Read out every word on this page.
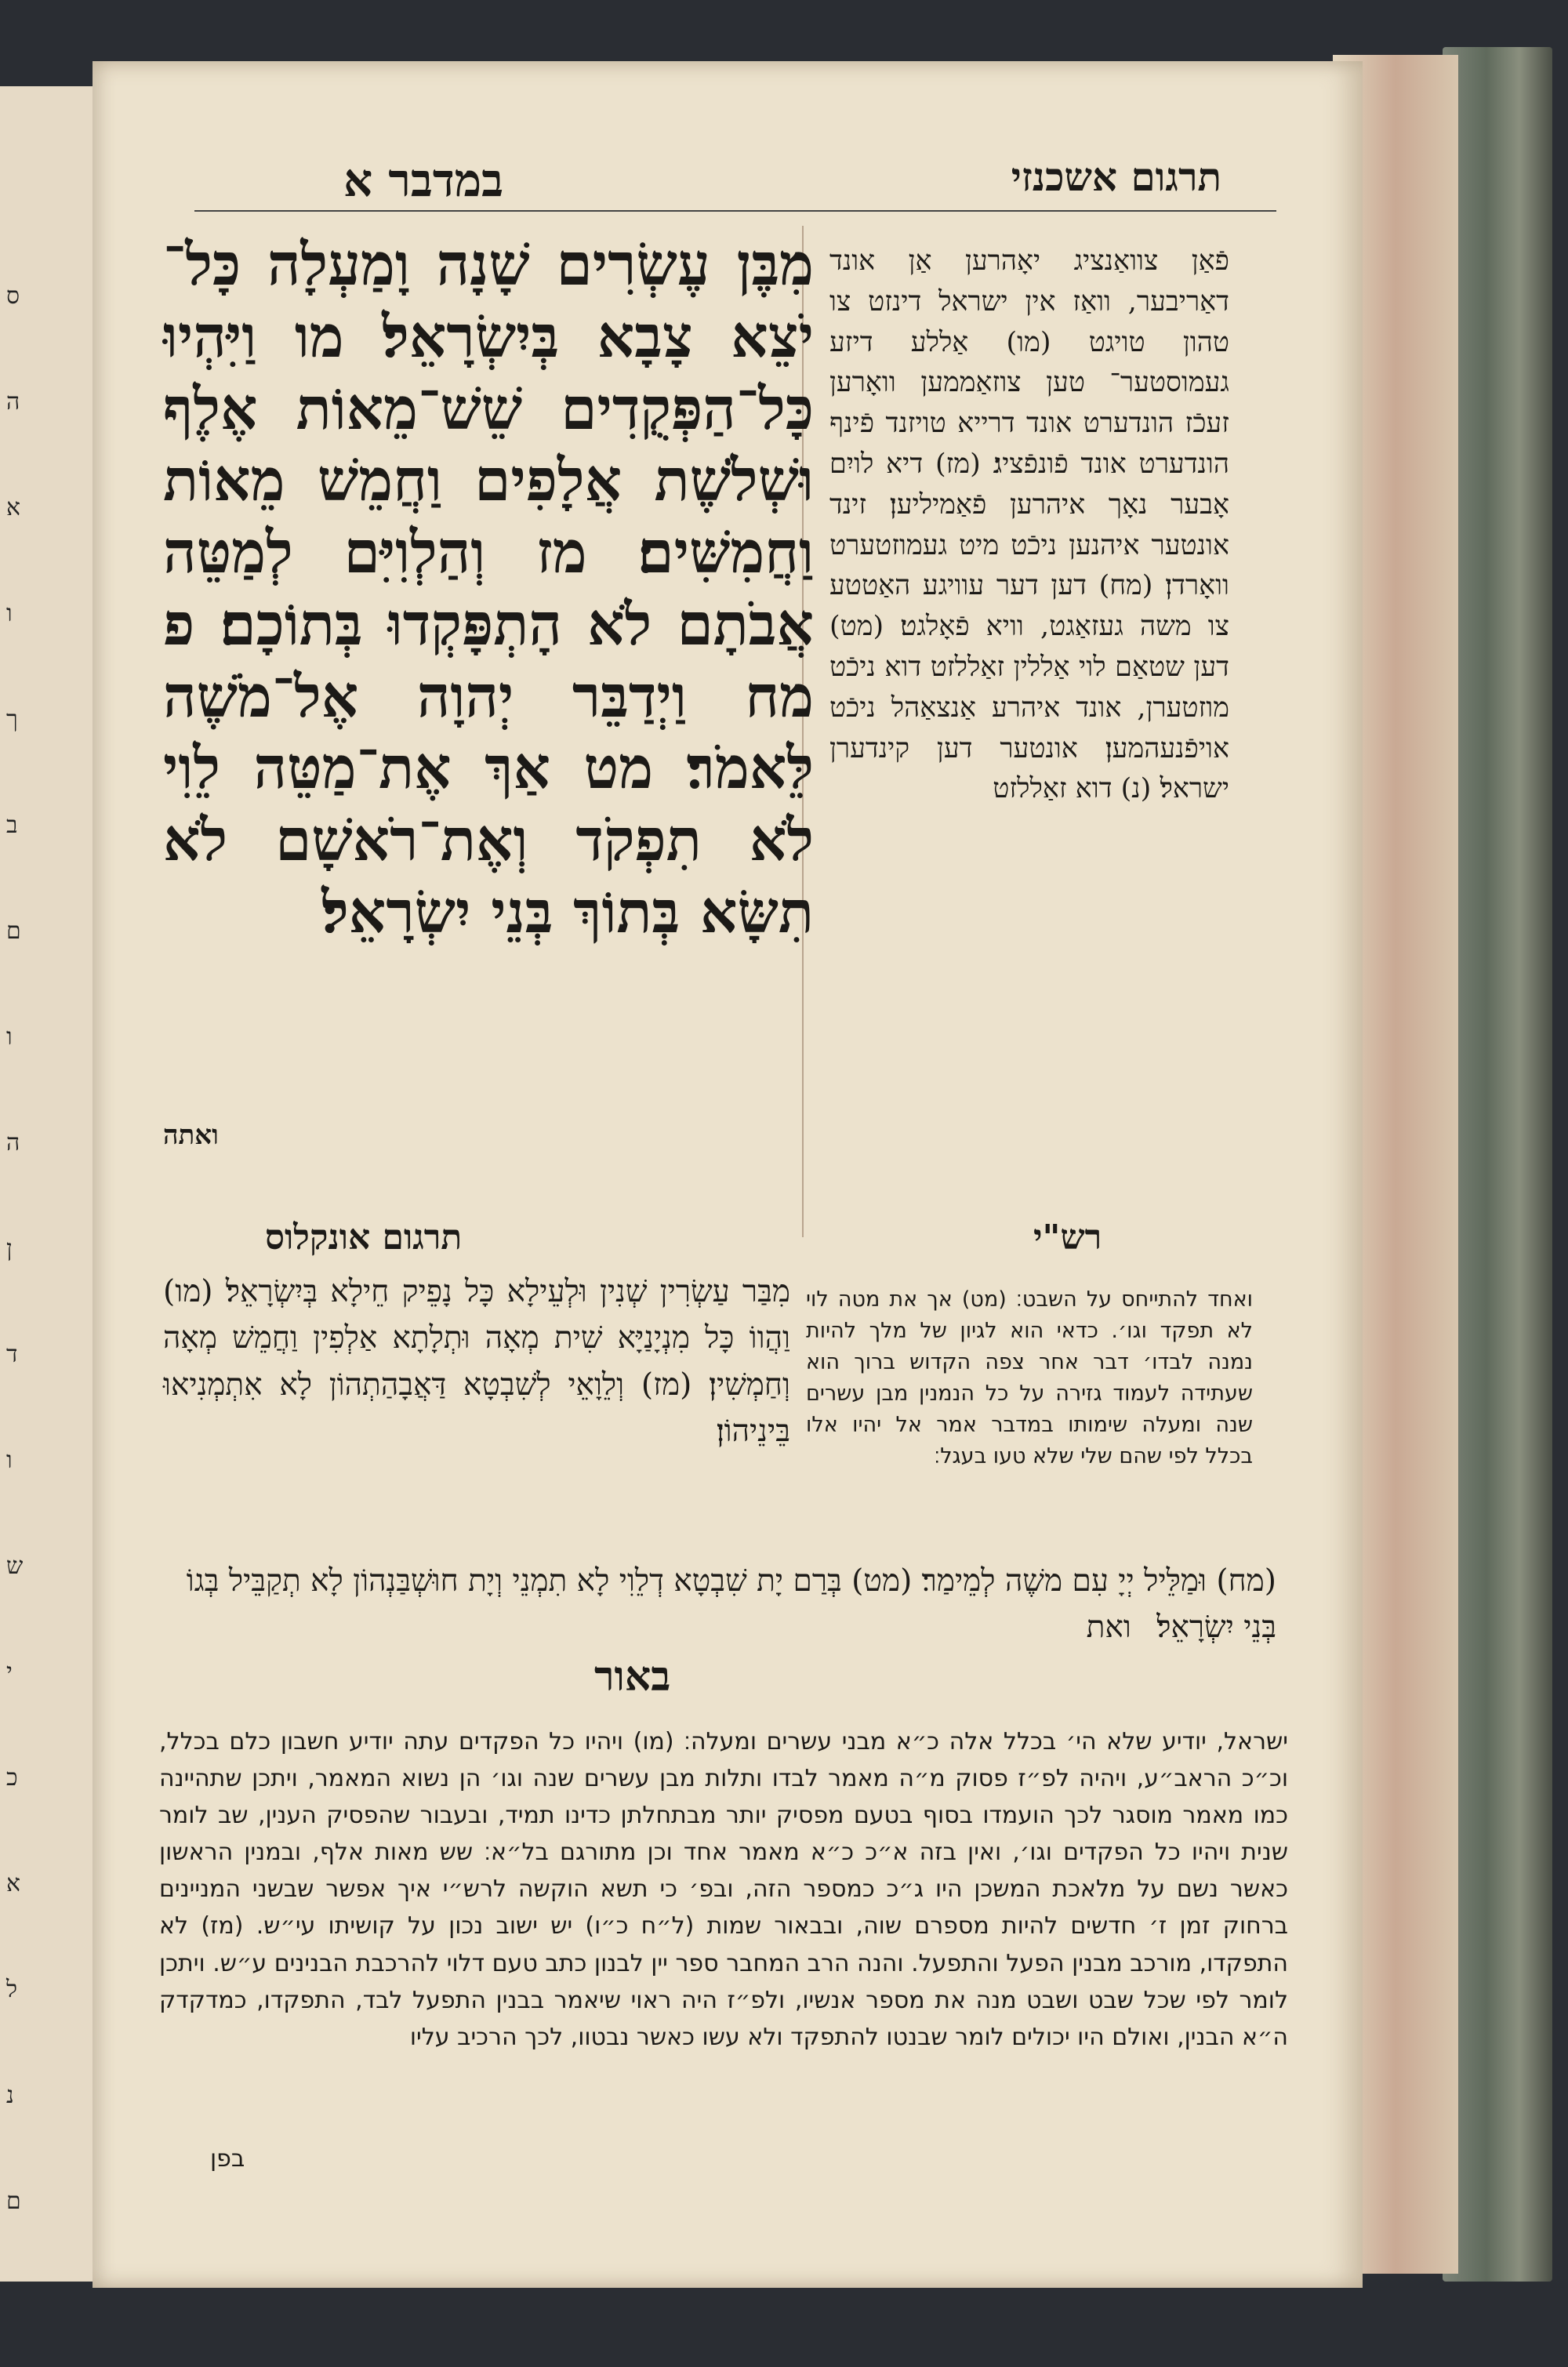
ס
ה
א
ו
ך
ב
ם
ו
ה
ן
ד
ו
ש
י
כ
א
ל
נ
ם
במדבר א	תרגום אשכנזי
מִבֶּן עֶשְׂרִים שָׁנָה וָמַעְלָה כָּל־ יֹצֵא צָבָא בְּיִשְׂרָאֵל׃ מו וַיִּהְיוּ כָּל־הַפְּקֻדִים שֵׁשׁ־מֵאוֹת אֶלֶף וּשְׁלֹשֶׁת אֲלָפִים וַחֲמֵשׁ מֵאוֹת וַחֲמִשִּׁים׃ מז וְהַלְוִיִּם לְמַטֵּה אֲבֹתָם לֹא הָתְפָּקְדוּ בְּתוֹכָם׃ פ מח וַיְדַבֵּר יְהוָה אֶל־מֹשֶׁה לֵּאמֹר׃ מט אַךְ אֶת־מַטֵּה לֵוִי לֹא תִפְקֹד וְאֶת־רֹאשָׁם לֹא תִשָּׂא בְּתוֹךְ בְּנֵי יִשְׂרָאֵל׃
ואתה
פֿאַן צוואַנציג יאָהרען אַן אונד דאַריבער, וואַז אין ישראל דינזט צו טהון טויגט (מו) אַללע דיזע געמוסטער־ טען צוזאַממען וואָרען זעכֿז הונדערט אונד דרייא טויזנד פֿינף הונדערט אונד פֿונפֿציג׃ (מז) דיא לויִם אָבער נאָך איהרען פֿאַמיליען׃ זינד אונטער איהנען ניכֿט מיט געמוזטערט וואָרדן׃ (מח) דען דער עוויגע האַטטע צו משה געזאַגט, וויא פֿאָלגט׃ (מט) דען שטאַם לוי אַללין זאַללזט דוא ניכֿט מוזטערן, אונד איהרע אַנצאַהל ניכֿט אויפֿנעהמען׃ אונטער דען קינדערן ישראל׃ (נ) דוא זאַללזט
תרגום אונקלוס
מִבַּר עַשְׂרִין שְׁנִין וּלְעֵילָא כָּל נָפֵיק חֵילָא בְּיִשְׂרָאֵל׃ (מו) וַהֲווֹ כָּל מִנְיָנַיָּא שִׁית מְאָה וּתְלָתָא אַלְפִין וַחֲמֵשׁ מְאָה וְחַמְשִׁין׃ (מז) וְלֵוָאֵי לְשִׁבְטָא דַּאֲבָהַתְהוֹן לָא אִתְמְנִיאוּ בֵּינֵיהוֹן׃
רש"י
ואחד להתייחס על השבט׃ (מט) אך את מטה לוי לא תפקד וגו׳. כדאי הוא לגיון של מלך להיות נמנה לבדו׳ דבר אחר צפה הקדוש ברוך הוא שעתידה לעמוד גזירה על כל הנמנין מבן עשרים שנה ומעלה שימותו במדבר אמר אל יהיו אלו בכלל לפי שהם שלי שלא טעו בעגל׃
(מח) וּמַלֵּיל יְיָ עִם משֶׁה לְמֵימַר׃ (מט) בְּרַם יָת שִׁבְטָא דְלֵוִי לָא תִמְנֵי וְיָת חוּשְׁבַּנְהוֹן לָא תְקַבֵּיל בְּגוֹ בְּנֵי יִשְׂרָאֵל׃ ואת
באור
ישראל, יודיע שלא הי׳ בכלל אלה כ״א מבני עשרים ומעלה׃ (מו) ויהיו כל הפקדים עתה יודיע חשבון כלם בכלל, וכ״כ הראב״ע, ויהיה לפ״ז פסוק מ״ה מאמר לבדו ותלות מבן עשרים שנה וגו׳ הן נשוא המאמר, ויתכן שתהיינה כמו מאמר מוסגר לכך הועמדו בסוף בטעם מפסיק יותר מבתחלתן כדינו תמיד, ובעבור שהפסיק הענין, שב לומר שנית ויהיו כל הפקדים וגו׳, ואין בזה א״כ כ״א מאמר אחד וכן מתורגם בל״א׃ שש מאות אלף, ובמנין הראשון כאשר נשם על מלאכת המשכן היו ג״כ כמספר הזה, ובפ׳ כי תשא הוקשה לרש״י איך אפשר שבשני המניינים ברחוק זמן ז׳ חדשים להיות מספרם שוה, ובבאור שמות (ל״ח כ״ו) יש ישוב נכון על קושיתו עי״ש. (מז) לא התפקדו, מורכב מבנין הפעל והתפעל. והנה הרב המחבר ספר יין לבנון כתב טעם דלוי להרכבת הבנינים ע״ש. ויתכן לומר לפי שכל שבט ושבט מנה את מספר אנשיו, ולפ״ז היה ראוי שיאמר בבנין התפעל לבד, התפקדו, כמדקדק ה״א הבנין, ואולם היו יכולים לומר שבנטו להתפקד ולא עשו כאשר נבטוו, לכך הרכיב עליו
בפן
